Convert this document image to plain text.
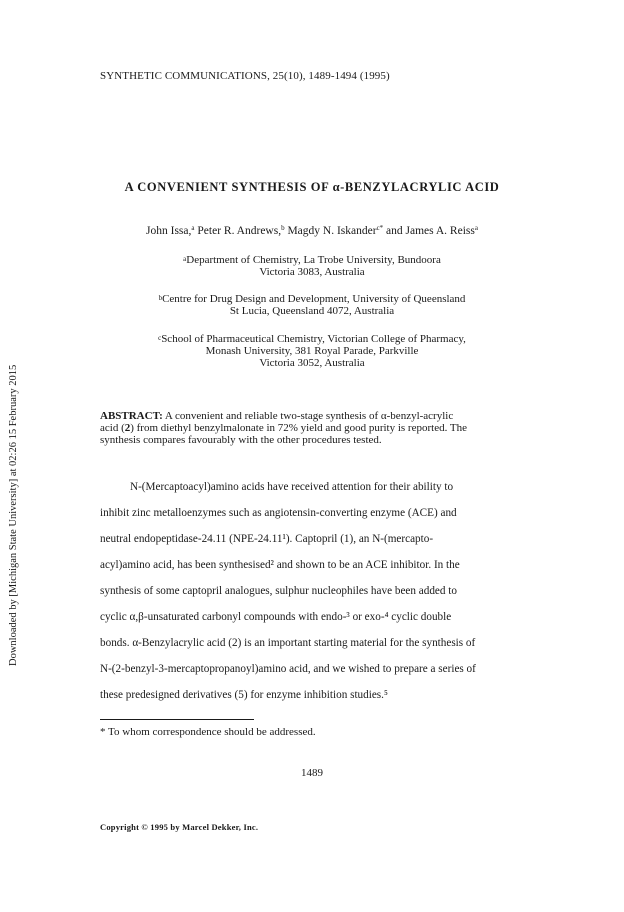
SYNTHETIC COMMUNICATIONS, 25(10), 1489-1494 (1995)
A CONVENIENT SYNTHESIS OF α-BENZYLACRYLIC ACID
John Issa,$^a$ Peter R. Andrews,$^b$ Magdy N. Iskander$^{c*}$ and James A. Reiss$^a$
$^a$Department of Chemistry, La Trobe University, Bundoora
Victoria 3083, Australia
$^b$Centre for Drug Design and Development, University of Queensland
St Lucia, Queensland 4072, Australia
$^c$School of Pharmaceutical Chemistry, Victorian College of Pharmacy,
Monash University, 381 Royal Parade, Parkville
Victoria 3052, Australia
ABSTRACT: A convenient and reliable two-stage synthesis of α-benzyl-acrylic
acid (2) from diethyl benzylmalonate in 72% yield and good purity is reported. The
synthesis compares favourably with the other procedures tested.

N-(Mercaptoacyl)amino acids have received attention for their ability to

inhibit zinc metalloenzymes such as angiotensin-converting enzyme (ACE) and

neutral endopeptidase-24.11 (NPE-24.11¹). Captopril (1), an N-(mercapto-

acyl)amino acid, has been synthesised² and shown to be an ACE inhibitor. In the

synthesis of some captopril analogues, sulphur nucleophiles have been added to

cyclic α,β-unsaturated carbonyl compounds with endo-³ or exo-⁴ cyclic double

bonds. α-Benzylacrylic acid (2) is an important starting material for the synthesis of

N-(2-benzyl-3-mercaptopropanoyl)amino acid, and we wished to prepare a series of

these predesigned derivatives (5) for enzyme inhibition studies.⁵

* To whom correspondence should be addressed.
1489
Copyright © 1995 by Marcel Dekker, Inc.
Downloaded by [Michigan State University] at 02:26 15 February 2015
